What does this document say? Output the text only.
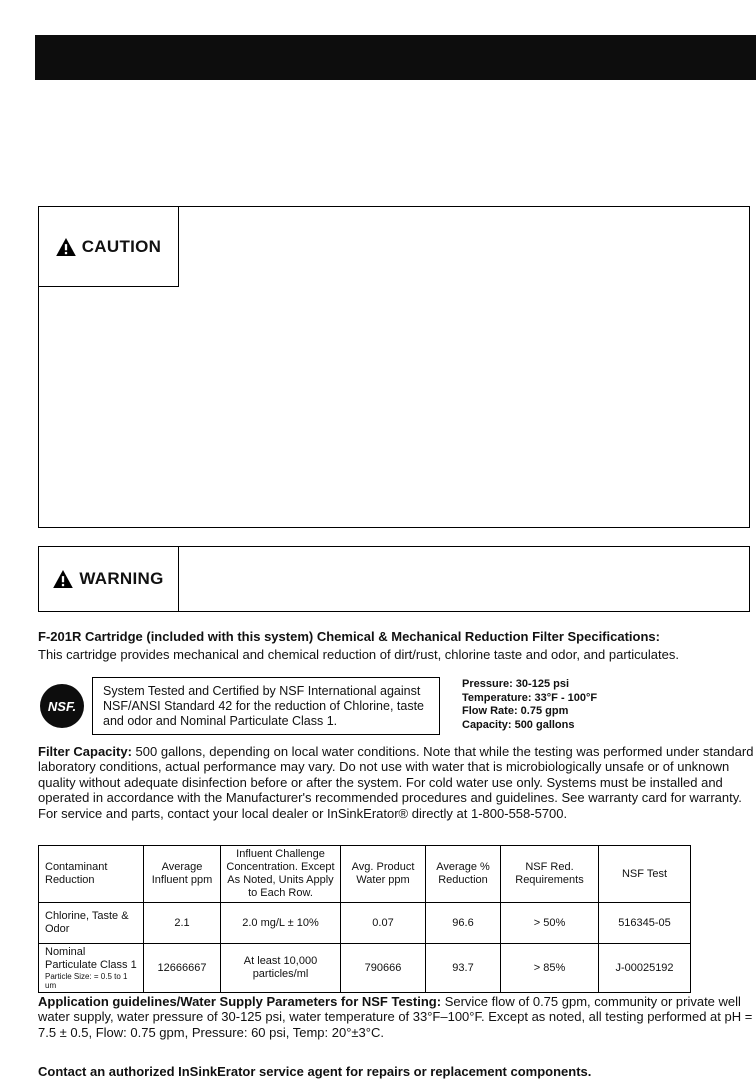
CAUTION
WARNING
F-201R Cartridge (included with this system) Chemical & Mechanical Reduction Filter Specifications:
This cartridge provides mechanical and chemical reduction of dirt/rust, chlorine taste and odor, and particulates.
NSF.
System Tested and Certified by NSF International against NSF/ANSI Standard 42 for the reduction of Chlorine, taste and odor and Nominal Particulate Class 1.
Pressure: 30-125 psi
Temperature: 33°F - 100°F
Flow Rate: 0.75 gpm
Capacity: 500 gallons
Filter Capacity: 500 gallons, depending on local water conditions. Note that while the testing was performed under standard laboratory conditions, actual performance may vary. Do not use with water that is microbiologically unsafe or of unknown quality without adequate disinfection before or after the system. For cold water use only. Systems must be installed and operated in accordance with the Manufacturer's recommended procedures and guidelines. See warranty card for warranty. For service and parts, contact your local dealer or InSinkErator® directly at 1-800-558-5700.
Contaminant Reduction	Average Influent ppm	Influent Challenge Concentration. Except As Noted, Units Apply to Each Row.	Avg. Product Water ppm	Average % Reduction	NSF Red. Requirements	NSF Test
Chlorine, Taste & Odor	2.1	2.0 mg/L ± 10%	0.07	96.6	> 50%	516345-05
Nominal Particulate Class 1
Particle Size: = 0.5 to 1 um	12666667	At least 10,000 particles/ml	790666	93.7	> 85%	J-00025192
Application guidelines/Water Supply Parameters for NSF Testing: Service flow of 0.75 gpm, community or private well water supply, water pressure of 30-125 psi, water temperature of 33°F–100°F. Except as noted, all testing performed at pH = 7.5 ± 0.5, Flow: 0.75 gpm, Pressure: 60 psi, Temp: 20°±3°C.
Contact an authorized InSinkErator service agent for repairs or replacement components.
